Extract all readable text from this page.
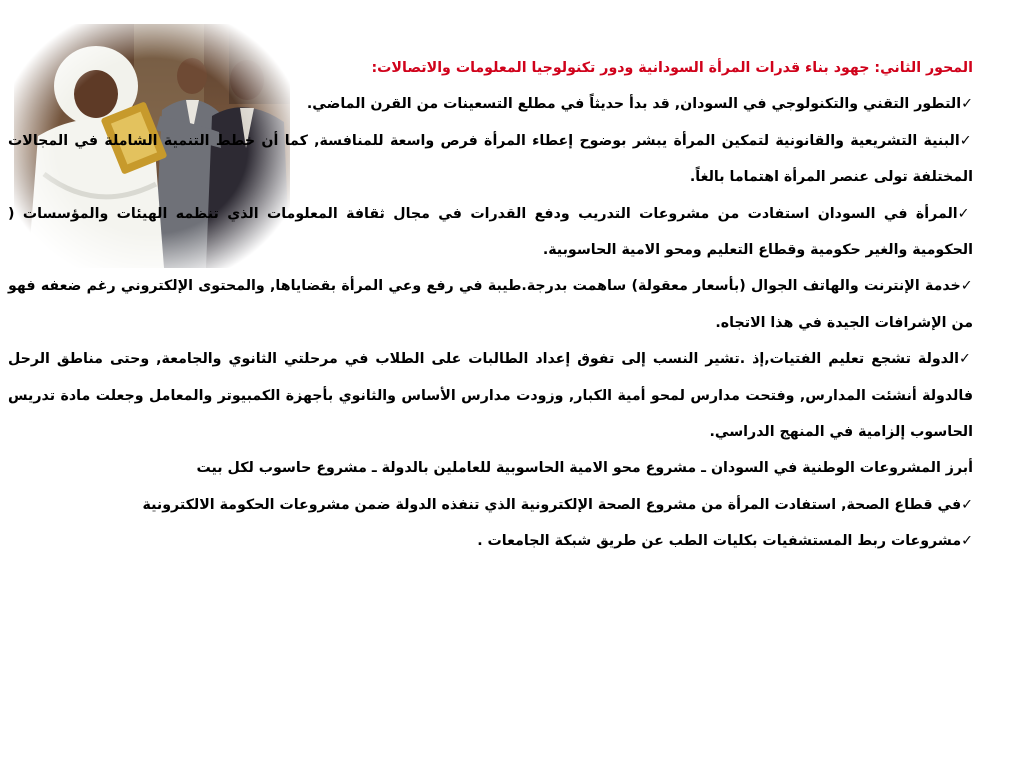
المحور الثاني: جهود بناء قدرات المرأة السودانية ودور تكنولوجيا المعلومات والاتصالات:

✓التطور التقني والتكنولوجي في السودان, قد بدأ حديثاً في مطلع التسعينات من القرن الماضي.

✓البنية التشريعية والقانونية لتمكين المرأة يبشر بوضوح إعطاء المرأة فرص واسعة للمنافسة, كما أن خطط التنمية الشاملة في المجالات المختلفة تولى عنصر المرأة اهتماما بالغاً.

✓المرأة في السودان استفادت من مشروعات التدريب ودفع القدرات في مجال ثقافة المعلومات الذي تنظمه الهيئات والمؤسسات ( الحكومية والغير حكومية وقطاع التعليم ومحو الامية الحاسوبية.

✓خدمة الإنترنت والهاتف الجوال (بأسعار معقولة) ساهمت بدرجة.طيبة في رفع وعي المرأة بقضاياها, والمحتوى الإلكتروني رغم ضعفه فهو من الإشرافات الجيدة في هذا الاتجاه.

✓الدولة تشجع تعليم الفتيات,إذ .تشير النسب إلى تفوق إعداد الطالبات على الطلاب في مرحلتي الثانوي والجامعة, وحتى مناطق الرحل فالدولة أنشئت المدارس, وفتحت مدارس لمحو أمية الكبار, وزودت مدارس الأساس والثانوي بأجهزة الكمبيوتر والمعامل وجعلت مادة تدريس الحاسوب إلزامية في المنهج الدراسي.

أبرز المشروعات الوطنية في السودان ـ مشروع محو الامية الحاسوبية للعاملين بالدولة ـ مشروع حاسوب لكل بيت

✓في قطاع الصحة, استفادت المرأة من مشروع الصحة الإلكترونية الذي تنفذه الدولة ضمن مشروعات الحكومة الالكترونية

✓مشروعات ربط المستشفيات بكليات الطب عن طريق شبكة الجامعات .
